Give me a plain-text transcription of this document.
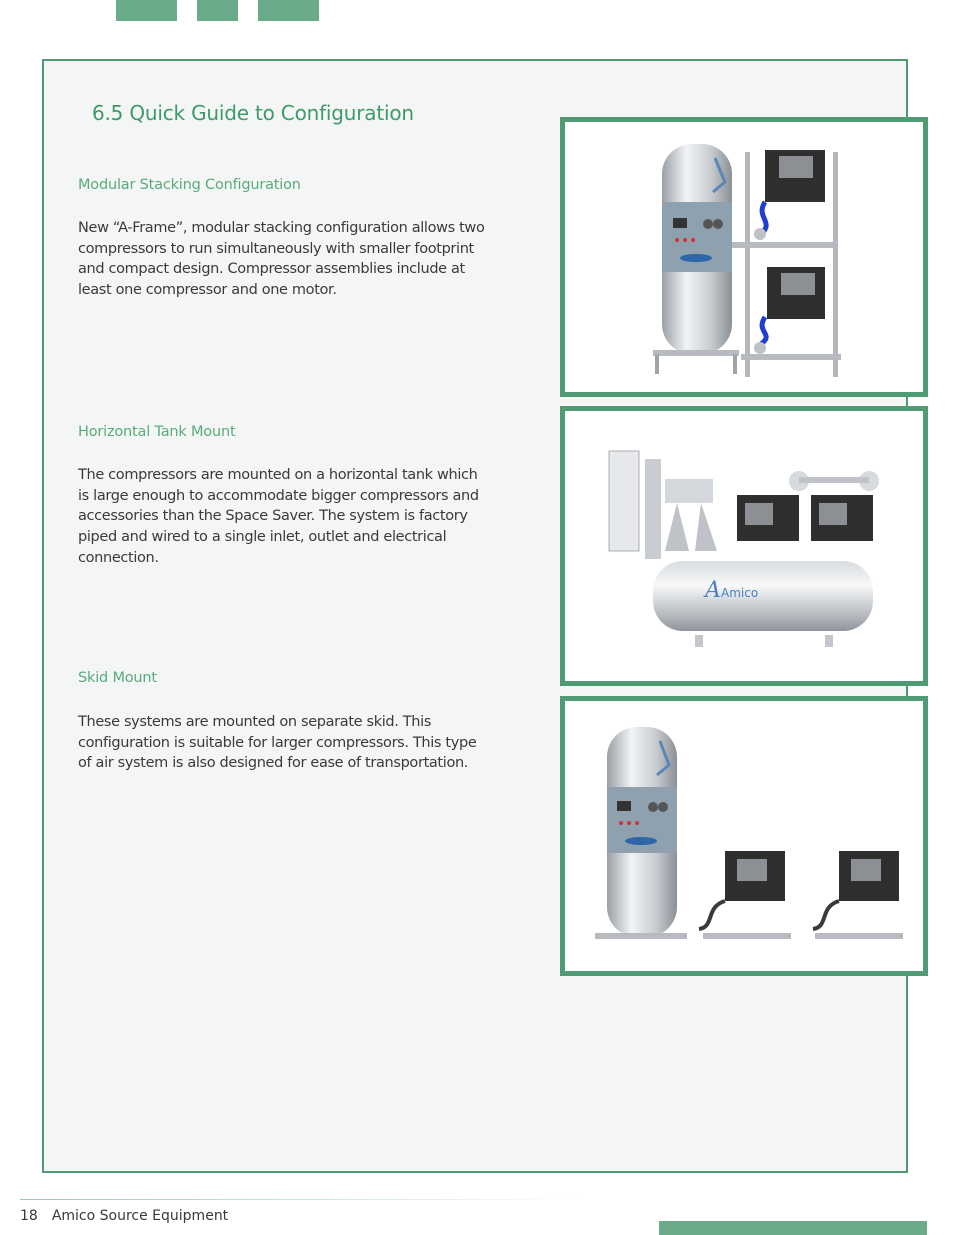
6.5 Quick Guide to Configuration
Modular Stacking Configuration
New “A-Frame”, modular stacking configuration allows two compressors to run simultaneously with smaller footprint and compact design. Compressor assemblies include at least one compressor and one motor.
Horizontal Tank Mount
The compressors are mounted on a horizontal tank which is large enough to accommodate bigger compressors and accessories than the Space Saver. The system is factory piped and wired to a single inlet, outlet and electrical connection.
Skid Mount
These systems are mounted on separate skid. This configuration is suitable for larger compressors. This type of air system is also designed for ease of transportation.
A Amico
18 Amico Source Equipment
